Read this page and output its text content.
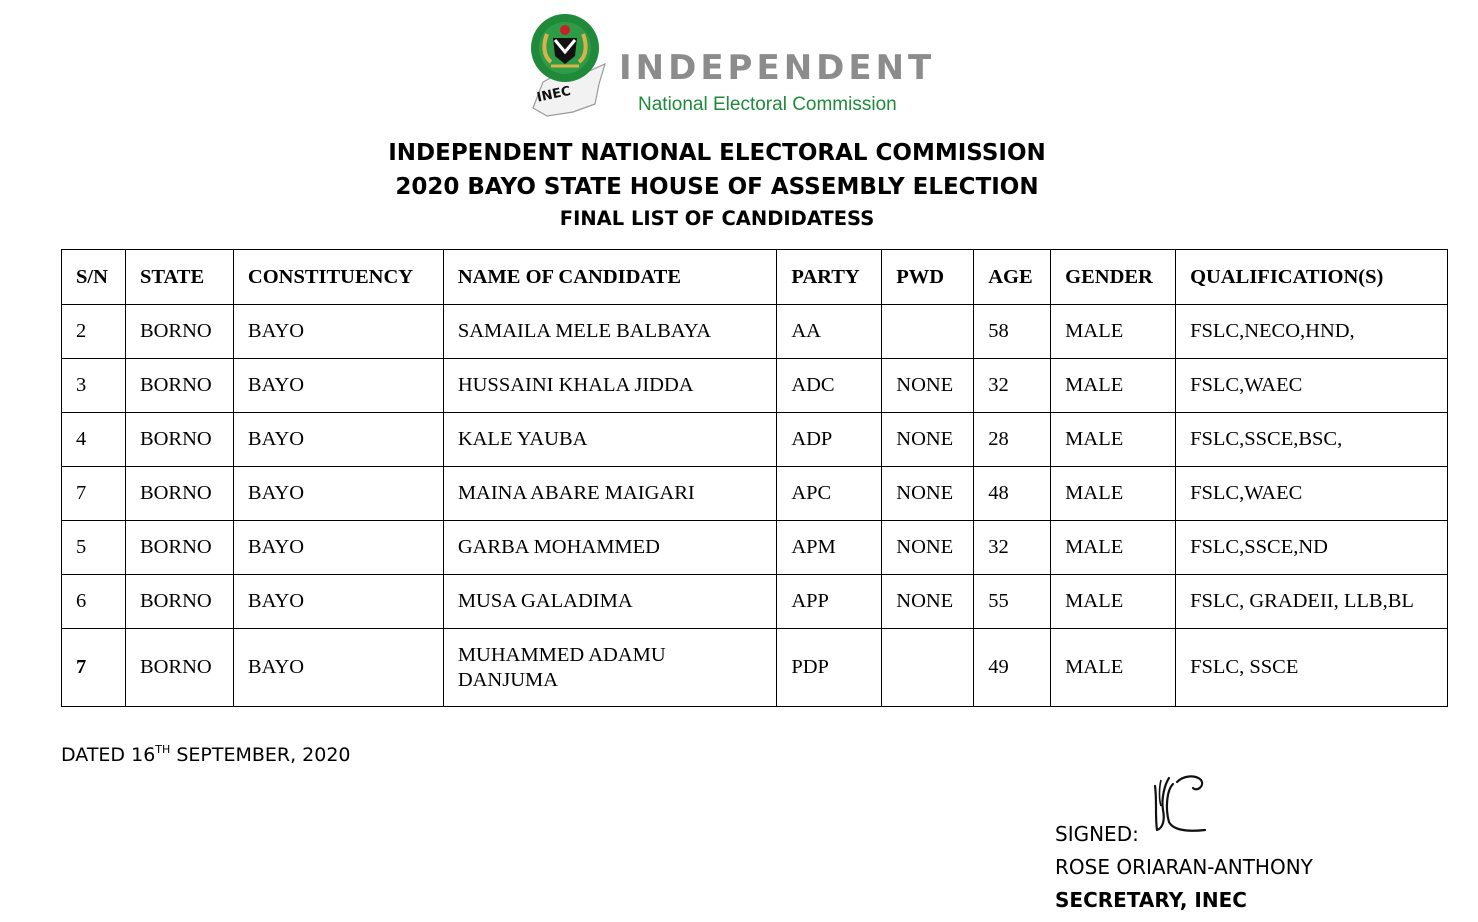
INEC
INDEPENDENT
National Electoral Commission
INDEPENDENT NATIONAL ELECTORAL COMMISSION
2020 BAYO STATE HOUSE OF ASSEMBLY ELECTION
FINAL LIST OF CANDIDATESS
S/N	STATE	CONSTITUENCY	NAME OF CANDIDATE	PARTY	PWD	AGE	GENDER	QUALIFICATION(S)
2	BORNO	BAYO	SAMAILA MELE BALBAYA	AA		58	MALE	FSLC,NECO,HND,
3	BORNO	BAYO	HUSSAINI KHALA JIDDA	ADC	NONE	32	MALE	FSLC,WAEC
4	BORNO	BAYO	KALE YAUBA	ADP	NONE	28	MALE	FSLC,SSCE,BSC,
7	BORNO	BAYO	MAINA ABARE MAIGARI	APC	NONE	48	MALE	FSLC,WAEC
5	BORNO	BAYO	GARBA MOHAMMED	APM	NONE	32	MALE	FSLC,SSCE,ND
6	BORNO	BAYO	MUSA GALADIMA	APP	NONE	55	MALE	FSLC, GRADEII, LLB,BL
7	BORNO	BAYO	MUHAMMED ADAMU
DANJUMA	PDP		49	MALE	FSLC, SSCE
DATED 16TH SEPTEMBER, 2020
SIGNED:
ROSE ORIARAN-ANTHONY
SECRETARY, INEC
